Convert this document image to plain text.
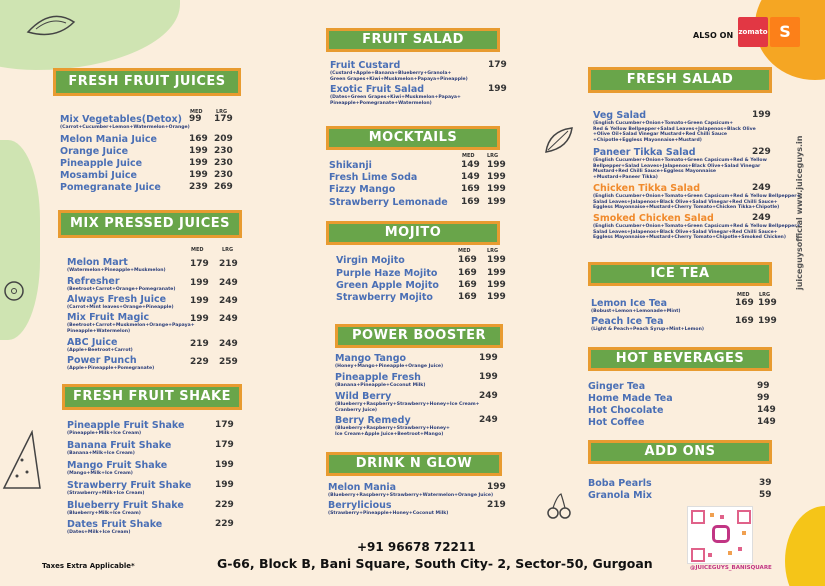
ALSO ON zomato S
juiceguysofficial www.juiceguys.in
FRESH FRUIT JUICES
MED	LRG
Mix Vegetables(Detox)
(Carrot+Cucumber+Lemon+Watermelon+Orange)
99 179
Melon Mania Juice	169 209
Orange Juice	199 230
Pineapple Juice	199 230
Mosambi Juice	199 230
Pomegranate Juice	239 269
MIX PRESSED JUICES
MED	LRG
Melon Mart
(Watermelon+Pineapple+Muskmelon)
179 219
Refresher
(Beetroot+Carrot+Orange+Pomegranate)
199 249
Always Fresh Juice
(Carrot+Mint leaves+Orange+Pineapple)
199 249
Mix Fruit Magic
(Beetroot+Carrot+Muskmelon+Orange+Papaya+
Pineapple+Watermelon)
199 249
ABC Juice
(Apple+Beetroot+Carrot)
219 249
Power Punch
(Apple+Pineapple+Pomegranate)
229 259
FRESH FRUIT SHAKE
Pineapple Fruit Shake
(Pineapple+Milk+Ice Cream)
179
Banana Fruit Shake
(Banana+Milk+Ice Cream)
179
Mango Fruit Shake
(Mango+Milk+Ice Cream)
199
Strawberry Fruit Shake
(Strawberry+Milk+Ice Cream)
199
Blueberry Fruit Shake
(Blueberry+Milk+Ice Cream)
229
Dates Fruit Shake
(Dates+Milk+Ice Cream)
229
FRUIT SALAD
Fruit Custard
(Custard+Apple+Banana+Blueberry+Granola+
Green Grapes+Kiwi+Muskmelon+Papaya+Pineapple)
179
Exotic Fruit Salad
(Dates+Green Grapes+Kiwi+Muskmelon+Papaya+
Pineapple+Pomegranate+Watermelon)
199
MOCKTAILS
MED LRG
Shikanji	149 199
Fresh Lime Soda	149 199
Fizzy Mango	169 199
Strawberry Lemonade 169 199
MOJITO
MED	LRG
Virgin Mojito	169 199
Purple Haze Mojito 169 199
Green Apple Mojito 169 199
Strawberry Mojito	169 199
POWER BOOSTER
Mango Tango
(Honey+Mango+Pineapple+Orange Juice)
199
Pineapple Fresh
(Banana+Pineapple+Coconut Milk)
199
Wild Berry
(Blueberry+Raspberry+Strawberry+Honey+Ice Cream+
Cranberry Juice)
249
Berry Remedy
(Blueberry+Raspberry+Strawberry+Honey+
Ice Cream+Apple Juice+Beetroot+Mango)
249
DRINK N GLOW
Melon Mania
(Blueberry+Raspberry+Strawberry+Watermelon+Orange Juice)
199
Berrylicious
(Strawberry+Pineapple+Honey+Coconut Milk)
219
FRESH SALAD
Veg Salad
(English Cucumber+Onion+Tomato+Green Capsicum+
Red & Yellow Bellpepper+Salad Leaves+Jalapenos+Black Olive
+Olive Oil+Salad Vinegar Mustard+Red Chilli Sauce
+Chipotle+Eggless Mayonnaise+Mustard)
199
Paneer Tikka Salad
(English Cucumber+Onion+Tomato+Green Capsicum+Red & Yellow
Bellpepper+Salad Leaves+Jalapenos+Black Olive+Salad Vinegar
Mustard+Red Chilli Sauce+Eggless Mayonnaise
+Mustard+Paneer Tikka)
229
Chicken Tikka Salad
(English Cucumber+Onion+Tomato+Green Capsicum+Red & Yellow Bellpepper+
Salad Leaves+Jalapenos+Black Olive+Salad Vinegar+Red Chilli Sauce+
Eggless Mayonnaise+Mustard+Cherry Tomato+Chicken Tikka+Chipotle)
249
Smoked Chicken Salad
(English Cucumber+Onion+Tomato+Green Capsicum+Red & Yellow Bellpepper+
Salad Leaves+Jalapenos+Black Olive+Salad Vinegar+Red Chilli Sauce+
Eggless Mayonnaise+Mustard+Cherry Tomato+Chipotle+Smoked Chicken)
249
ICE TEA
MED LRG
Lemon Ice Tea
(Bobust+Lemon+Lemonade+Mint)
169 199
Peach Ice Tea
(Light & Peach+Peach Syrup+Mint+Lemon)
169 199
HOT BEVERAGES
Ginger Tea	99
Home Made Tea	99
Hot Chocolate	149
Hot Coffee	149
ADD ONS
Boba Pearls	39
Granola Mix	59
@JUICEGUYS_BANISQUARE
+91 96678 72211
G-66, Block B, Bani Square, South City- 2, Sector-50, Gurgoan
Taxes Extra Applicable*
